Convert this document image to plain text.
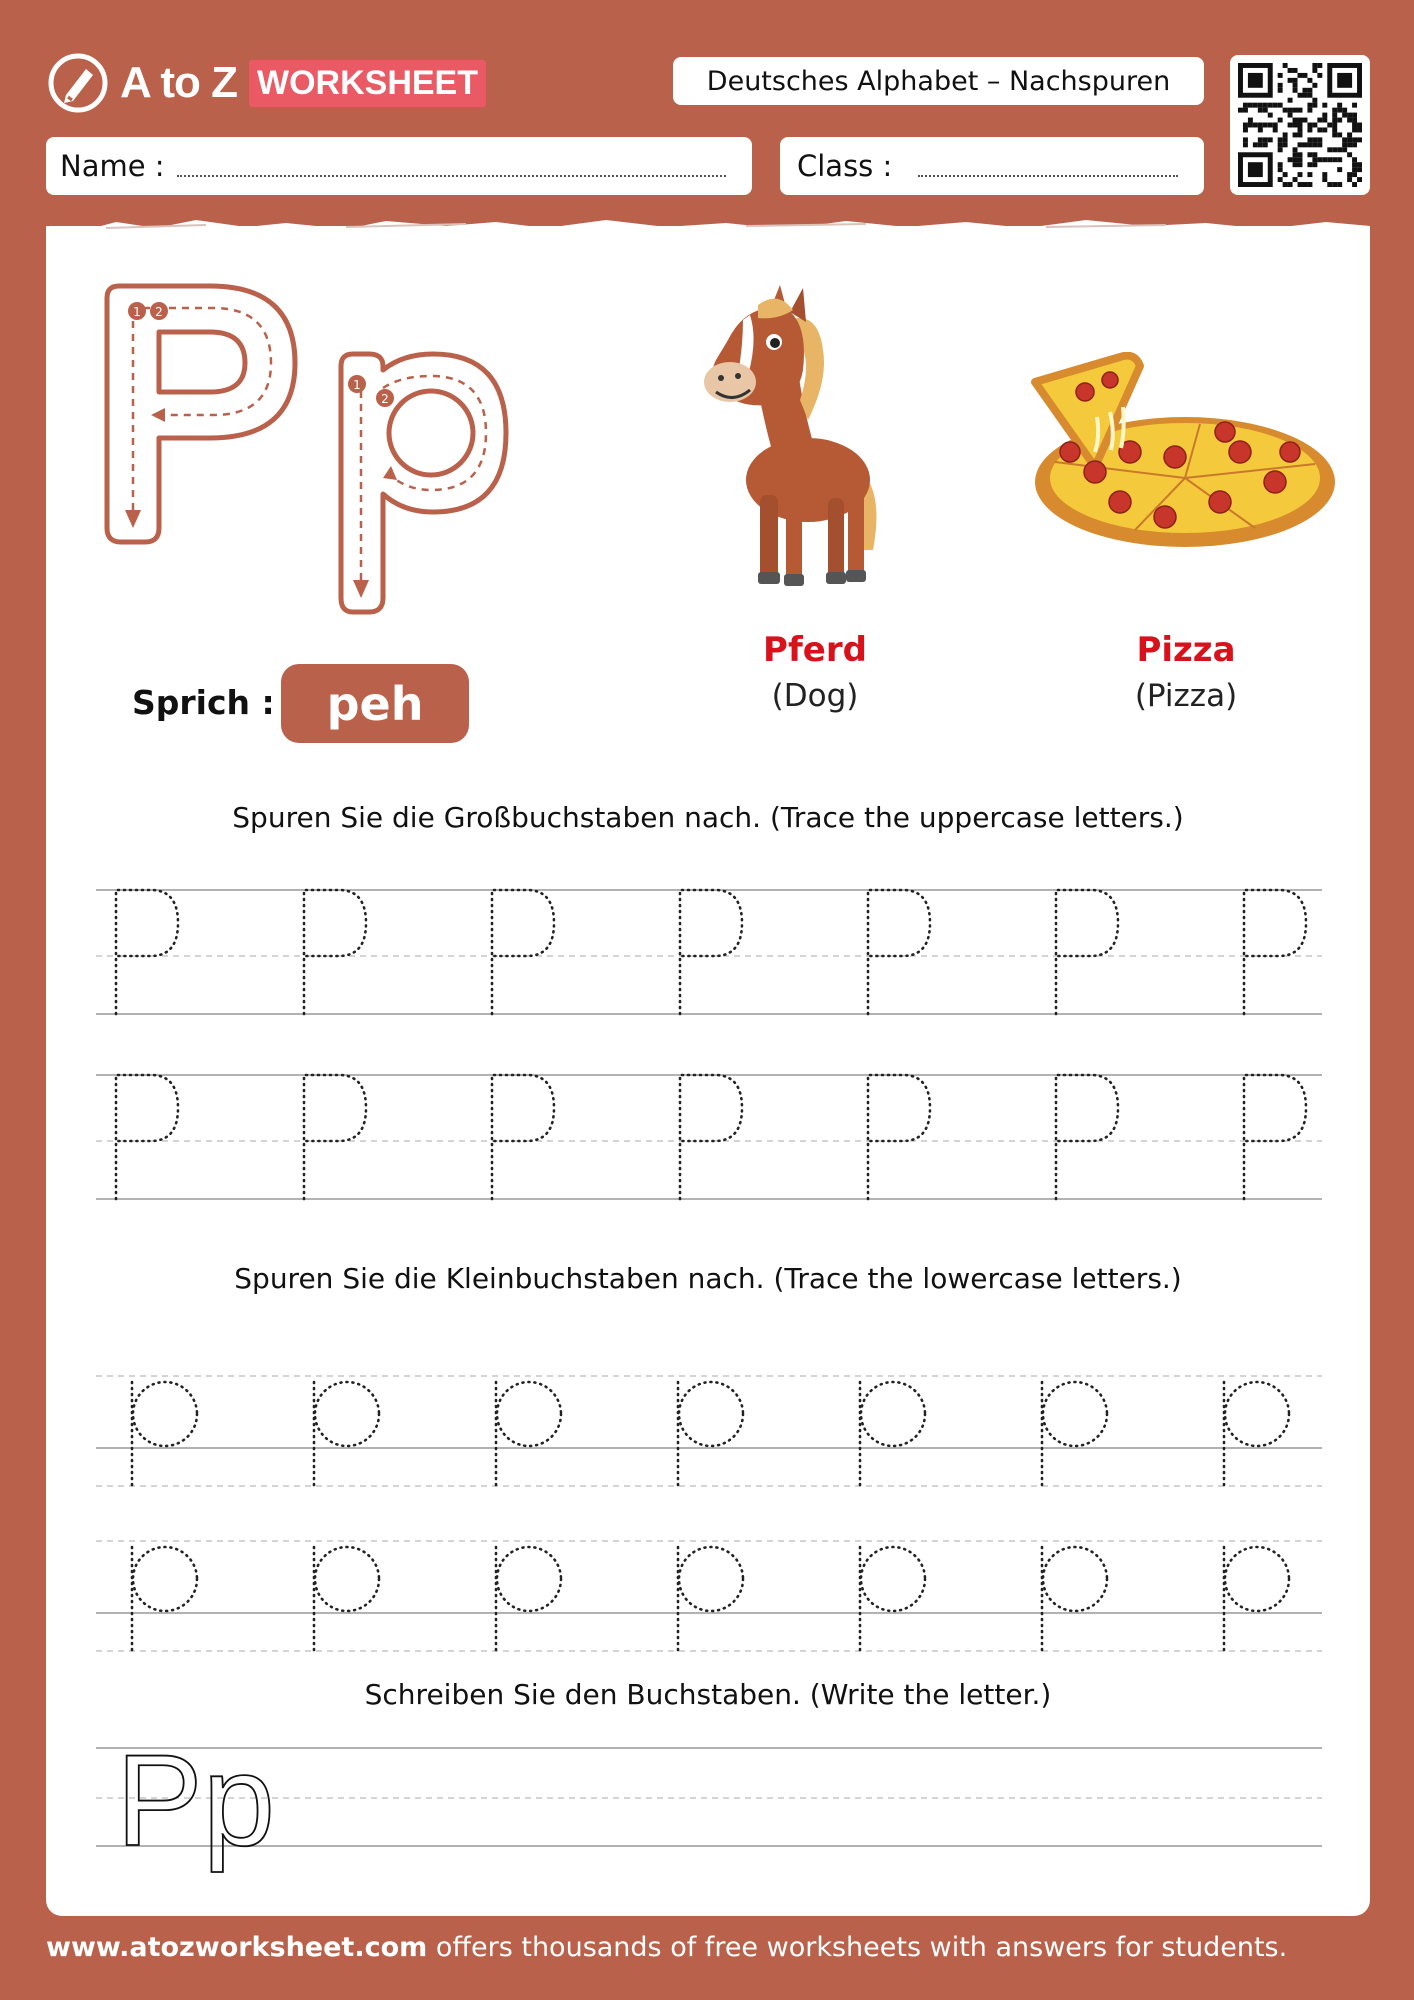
A to Z WORKSHEET	Deutsches Alphabet – Nachspuren
Name :	Class :
1 2
1
2
Sprich : peh
Pferd
(Dog)
Pizza
(Pizza)
Spuren Sie die Großbuchstaben nach. (Trace the uppercase letters.)
Spuren Sie die Kleinbuchstaben nach. (Trace the lowercase letters.)
Schreiben Sie den Buchstaben. (Write the letter.)
Pp
www.atozworksheet.com offers thousands of free worksheets with answers for students.
